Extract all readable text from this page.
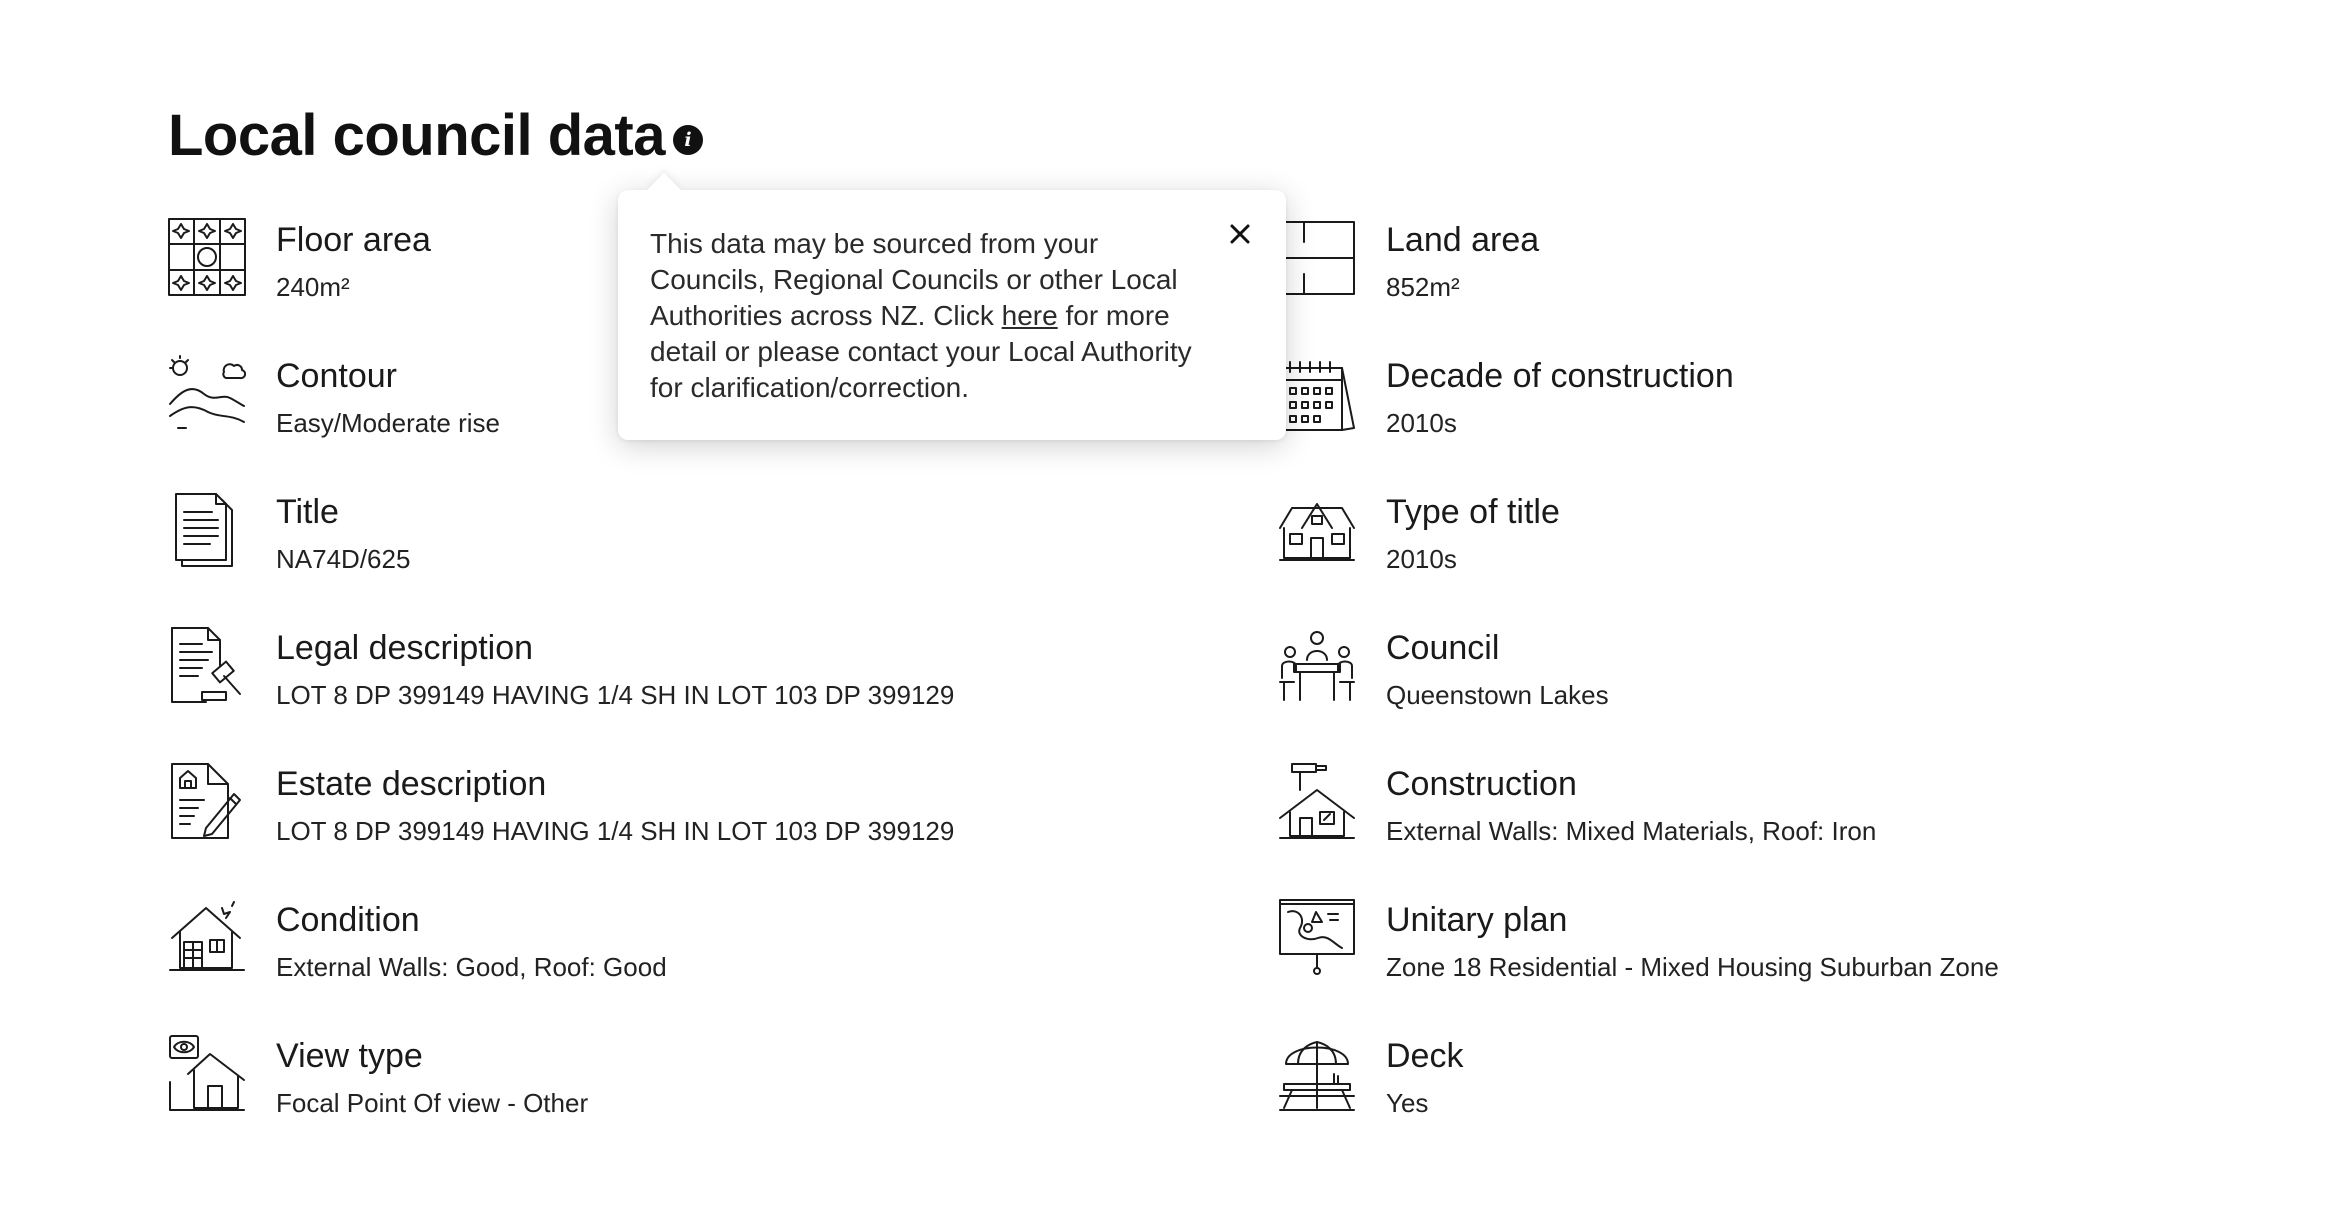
Local council data i
Floor area
240m²
Contour
Easy/Moderate rise
Title
NA74D/625
Legal description
LOT 8 DP 399149 HAVING 1/4 SH IN LOT 103 DP 399129
Estate description
LOT 8 DP 399149 HAVING 1/4 SH IN LOT 103 DP 399129
Condition
External Walls: Good, Roof: Good
View type
Focal Point Of view - Other
Land area
852m²
Decade of construction
2010s
Type of title
2010s
Council
Queenstown Lakes
Construction
External Walls: Mixed Materials, Roof: Iron
Unitary plan
Zone 18 Residential - Mixed Housing Suburban Zone
Deck
Yes
This data may be sourced from your Councils, Regional Councils or other Local Authorities across NZ. Click here for more detail or please contact your Local Authority for clarification/correction.
